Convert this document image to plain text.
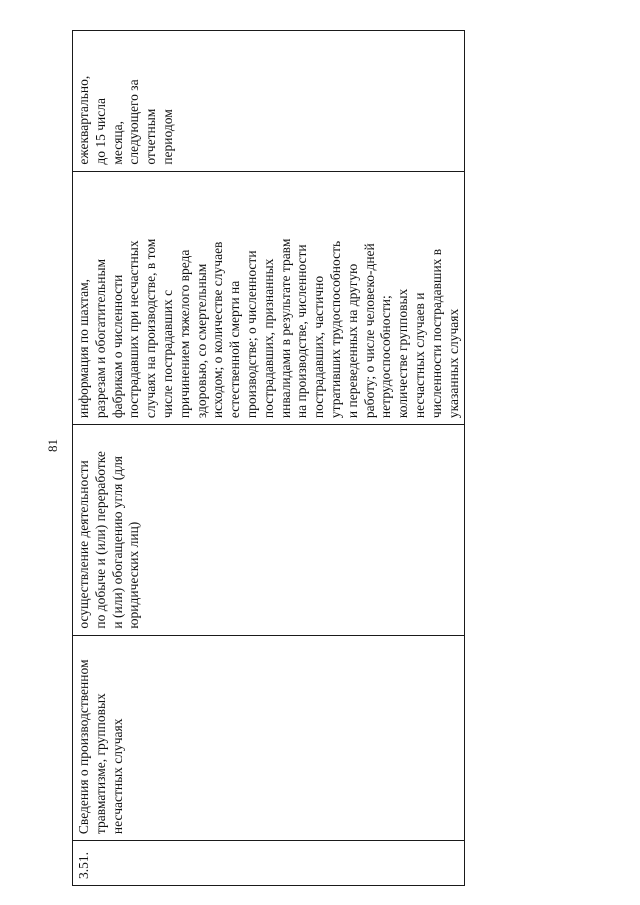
81
3.51.
Сведения о производственном травматизме, групповых несчастных случаях
осуществление деятельности по добыче и (или) переработке и (или) обогащению угля (для юридических лиц)
информация по шахтам, разрезам и обогатительным фабрикам о численности пострадавших при несчастных случаях на производстве, в том числе пострадавших с причинением тяжелого вреда здоровью, со смертельным исходом; о количестве случаев естественной смерти на производстве; о численности пострадавших, признанных инвалидами в результате травм на производстве, численности пострадавших, частично утративших трудоспособность и переведенных на другую работу; о числе человеко-дней нетрудоспособности; количестве групповых несчастных случаев и численности пострадавших в указанных случаях
ежеквартально, до 15 числа месяца, следующего за отчетным периодом
